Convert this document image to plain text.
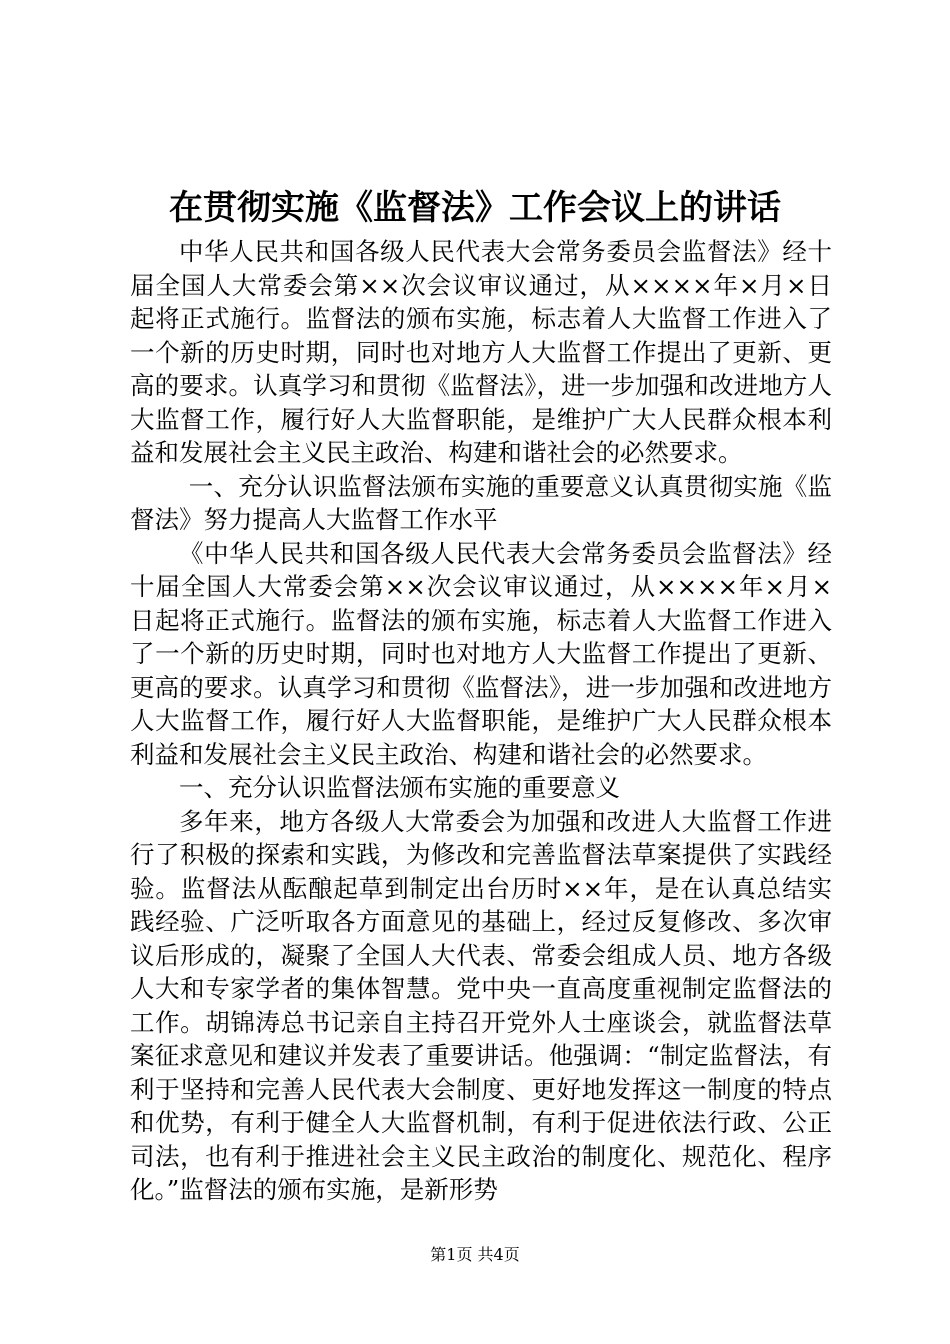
在贯彻实施《监督法》工作会议上的讲话

中华人民共和国各级人民代表大会常务委员会监督法》经十届全国人大常委会第××次会议审议通过，从××××年×月×日起将正式施行。监督法的颁布实施，标志着人大监督工作进入了一个新的历史时期，同时也对地方人大监督工作提出了更新、更高的要求。认真学习和贯彻《监督法》，进一步加强和改进地方人大监督工作，履行好人大监督职能，是维护广大人民群众根本利益和发展社会主义民主政治、构建和谐社会的必然要求。

一、充分认识监督法颁布实施的重要意义认真贯彻实施《监督法》努力提高人大监督工作水平

《中华人民共和国各级人民代表大会常务委员会监督法》经十届全国人大常委会第××次会议审议通过，从××××年×月×日起将正式施行。监督法的颁布实施，标志着人大监督工作进入了一个新的历史时期，同时也对地方人大监督工作提出了更新、更高的要求。认真学习和贯彻《监督法》，进一步加强和改进地方人大监督工作，履行好人大监督职能，是维护广大人民群众根本利益和发展社会主义民主政治、构建和谐社会的必然要求。

一、充分认识监督法颁布实施的重要意义

多年来，地方各级人大常委会为加强和改进人大监督工作进行了积极的探索和实践，为修改和完善监督法草案提供了实践经验。监督法从酝酿起草到制定出台历时××年，是在认真总结实践经验、广泛听取各方面意见的基础上，经过反复修改、多次审议后形成的，凝聚了全国人大代表、常委会组成人员、地方各级人大和专家学者的集体智慧。党中央一直高度重视制定监督法的工作。胡锦涛总书记亲自主持召开党外人士座谈会，就监督法草案征求意见和建议并发表了重要讲话。他强调：“制定监督法，有利于坚持和完善人民代表大会制度、更好地发挥这一制度的特点和优势，有利于健全人大监督机制，有利于促进依法行政、公正司法，也有利于推进社会主义民主政治的制度化、规范化、程序化。”监督法的颁布实施，是新形势

第1页 共4页
